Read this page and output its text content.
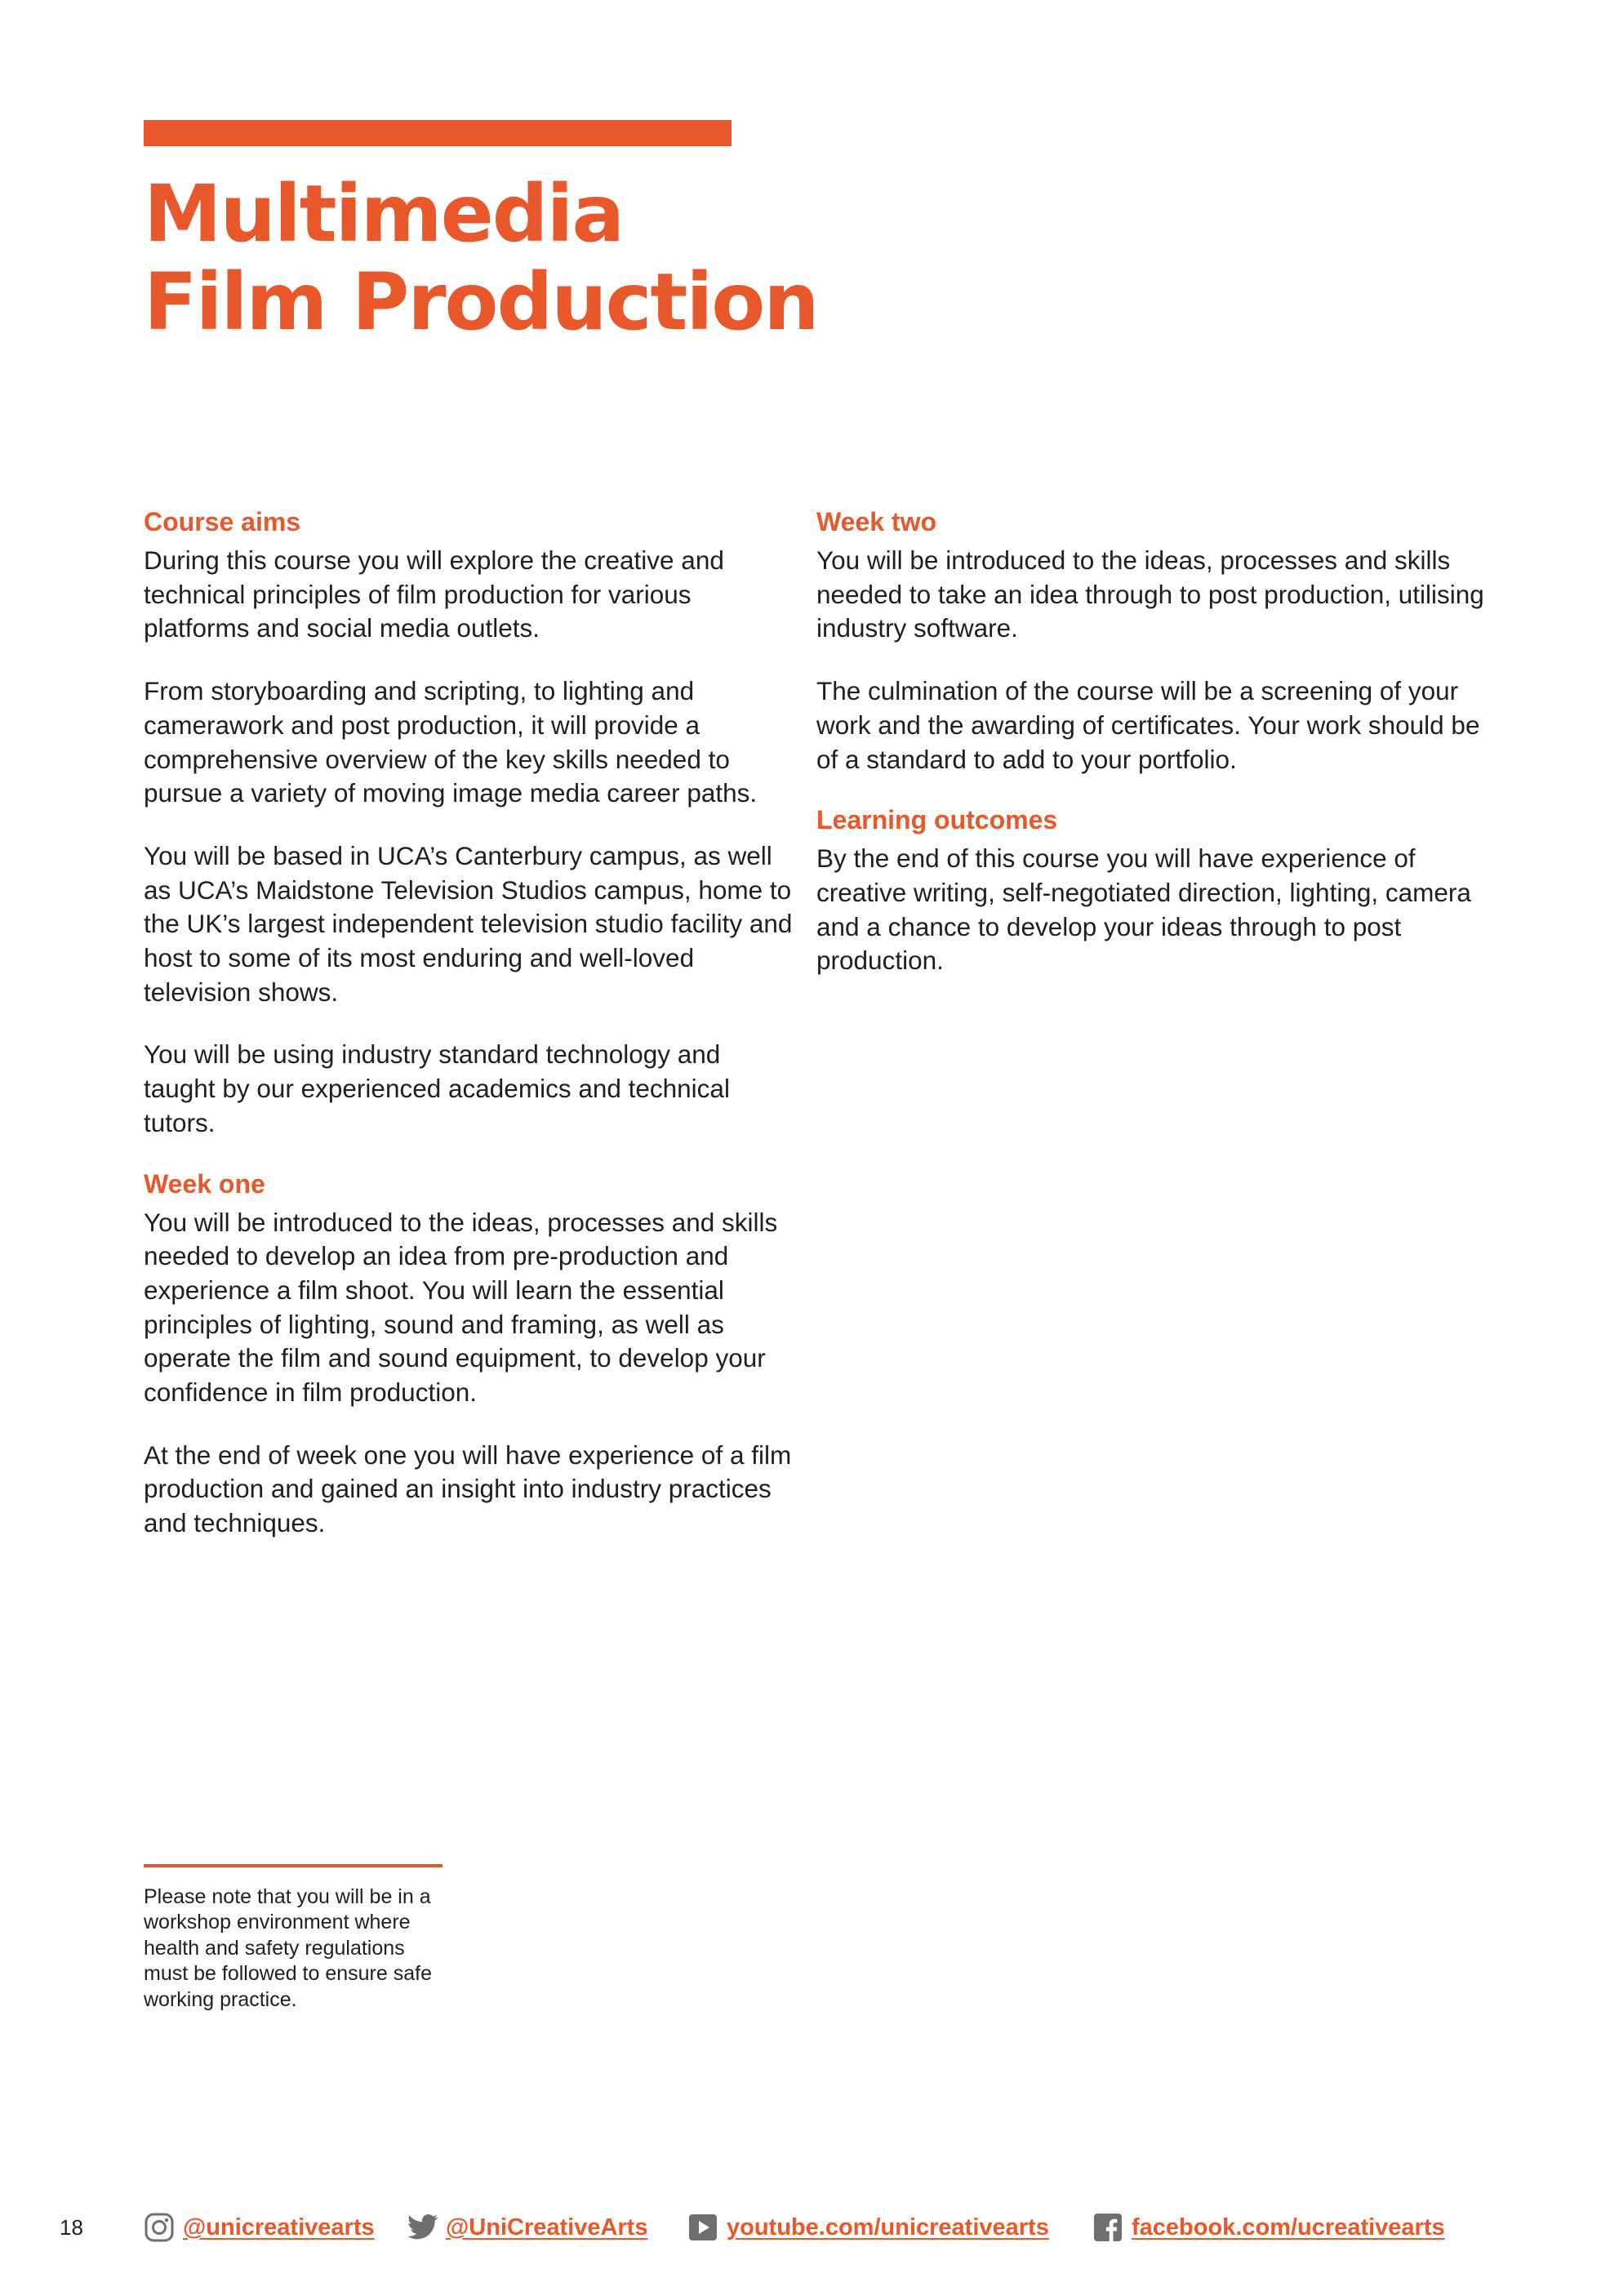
Multimedia
Film Production
Course aims

During this course you will explore the creative and technical principles of film production for various platforms and social media outlets.

From storyboarding and scripting, to lighting and camerawork and post production, it will provide a comprehensive overview of the key skills needed to pursue a variety of moving image media career paths.

You will be based in UCA’s Canterbury campus, as well as UCA’s Maidstone Television Studios campus, home to the UK’s largest independent television studio facility and host to some of its most enduring and well-loved television shows.

You will be using industry standard technology and taught by our experienced academics and technical tutors.

Week one

You will be introduced to the ideas, processes and skills needed to develop an idea from pre-production and experience a film shoot. You will learn the essential principles of lighting, sound and framing, as well as operate the film and sound equipment, to develop your confidence in film production.

At the end of week one you will have experience of a film production and gained an insight into industry practices and techniques.

Week two

You will be introduced to the ideas, processes and skills needed to take an idea through to post production, utilising industry software.

The culmination of the course will be a screening of your work and the awarding of certificates. Your work should be of a standard to add to your portfolio.

Learning outcomes

By the end of this course you will have experience of creative writing, self-negotiated direction, lighting, camera and a chance to develop your ideas through to post production.

Please note that you will be in a workshop environment where health and safety regulations must be followed to ensure safe working practice.

18	@unicreativearts	@UniCreativeArts	youtube.com/unicreativearts	facebook.com/ucreativearts
